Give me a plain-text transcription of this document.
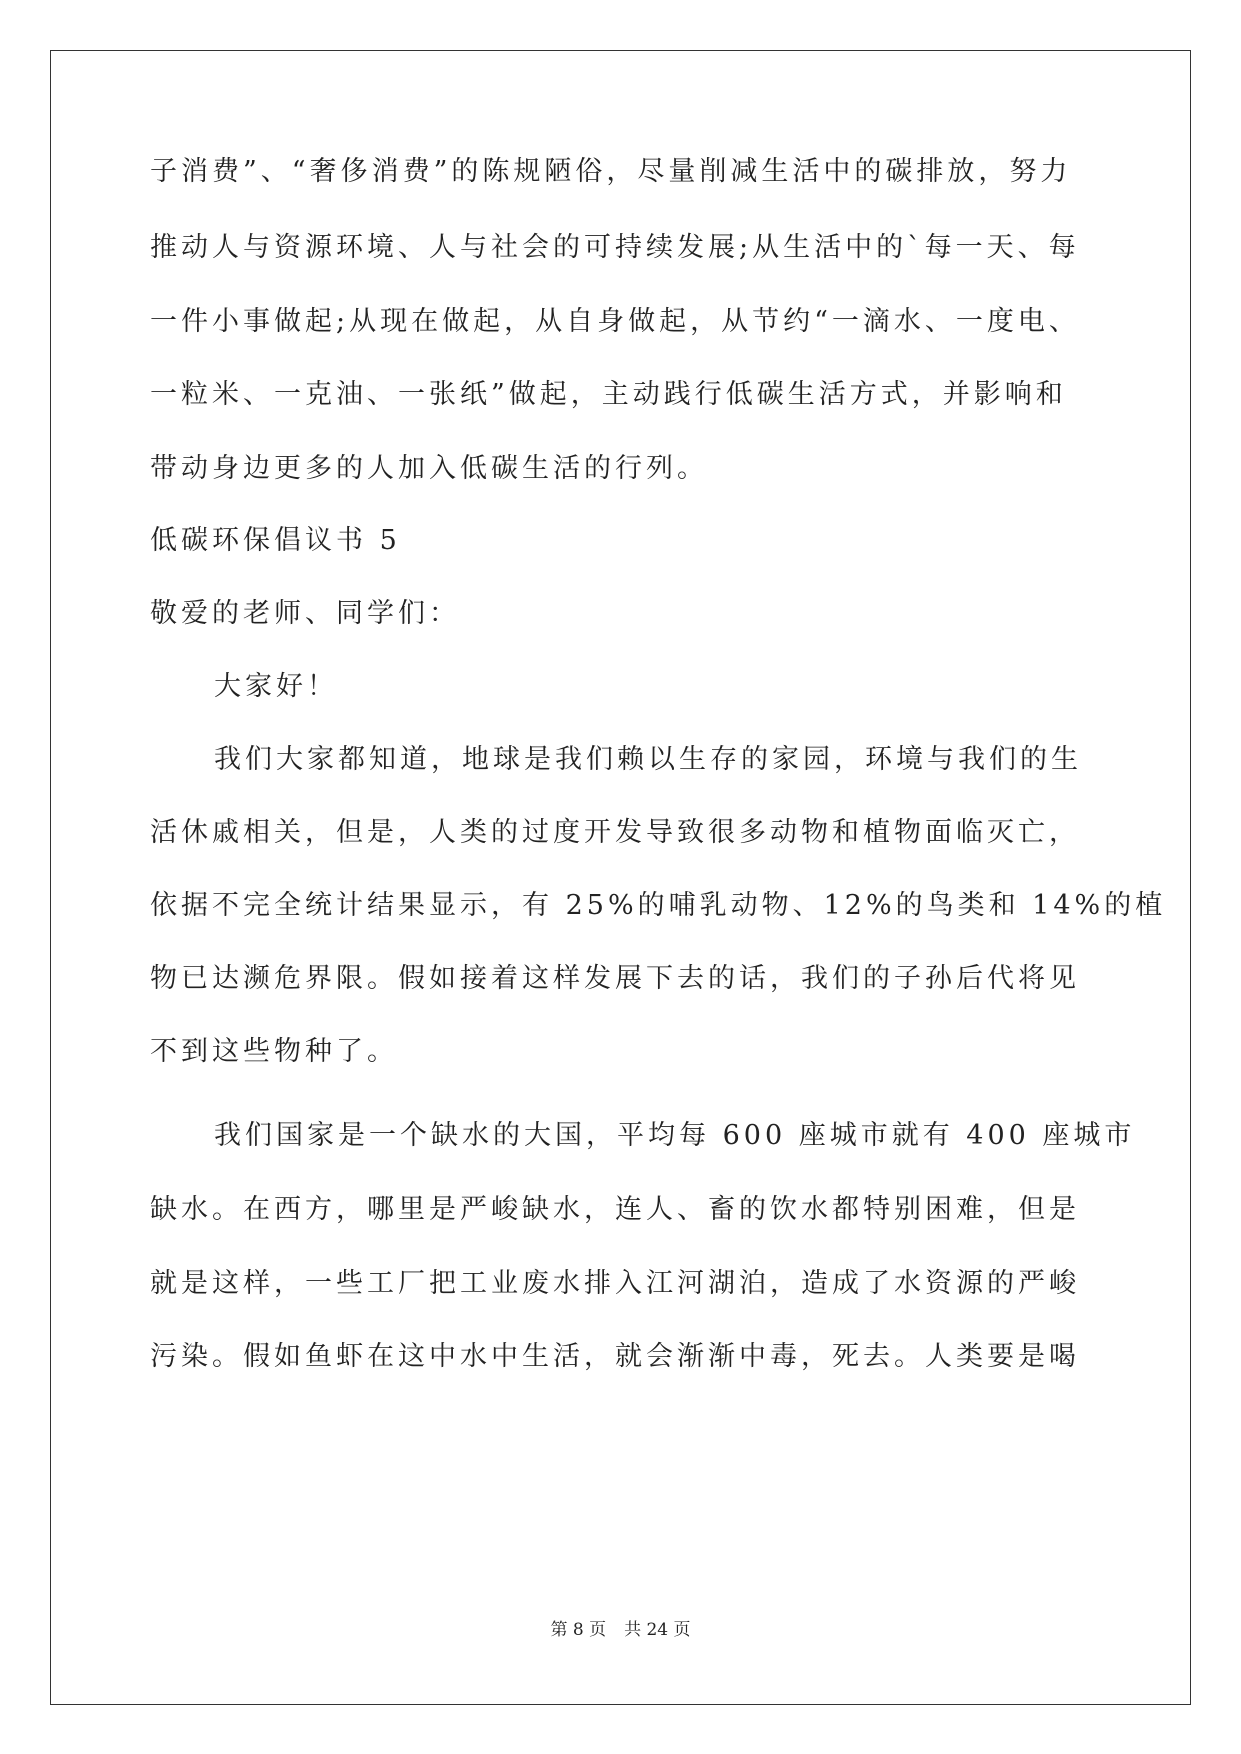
子消费”、“奢侈消费”的陈规陋俗，尽量削减生活中的碳排放，努力
推动人与资源环境、人与社会的可持续发展;从生活中的`每一天、每
一件小事做起;从现在做起，从自身做起，从节约“一滴水、一度电、
一粒米、一克油、一张纸”做起，主动践行低碳生活方式，并影响和
带动身边更多的人加入低碳生活的行列。
低碳环保倡议书 5
敬爱的老师、同学们：
大家好！
我们大家都知道，地球是我们赖以生存的家园，环境与我们的生
活休戚相关，但是，人类的过度开发导致很多动物和植物面临灭亡，
依据不完全统计结果显示，有 25%的哺乳动物、12%的鸟类和 14%的植
物已达濒危界限。假如接着这样发展下去的话，我们的子孙后代将见
不到这些物种了。
我们国家是一个缺水的大国，平均每 600 座城市就有 400 座城市
缺水。在西方，哪里是严峻缺水，连人、畜的饮水都特别困难，但是
就是这样，一些工厂把工业废水排入江河湖泊，造成了水资源的严峻
污染。假如鱼虾在这中水中生活，就会渐渐中毒，死去。人类要是喝
第 8 页 共 24 页
